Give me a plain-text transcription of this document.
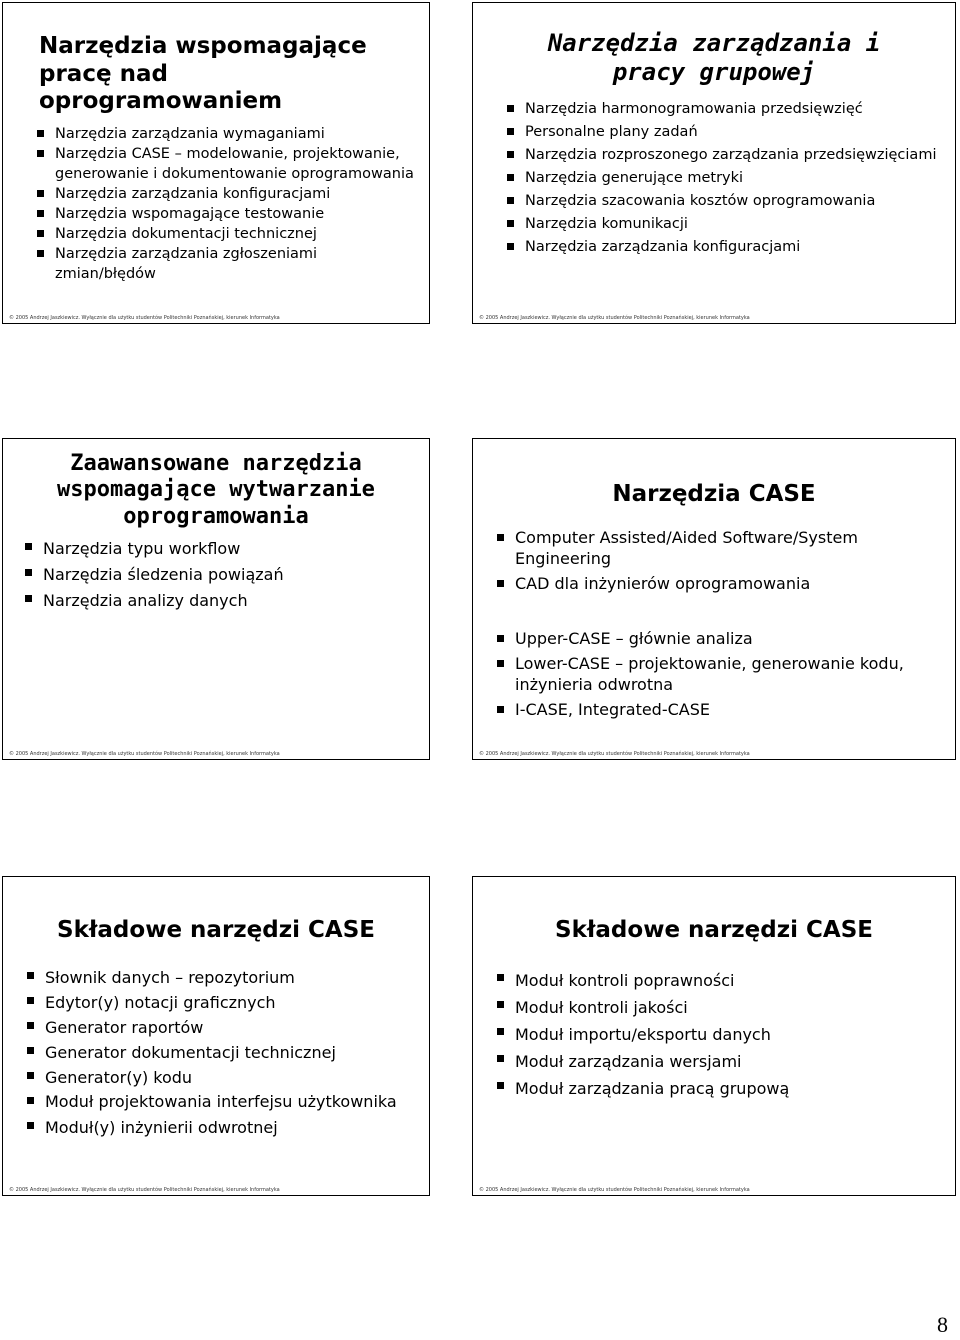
Narzędzia wspomagające
pracę nad oprogramowaniem
Narzędzia zarządzania wymaganiami
Narzędzia CASE – modelowanie, projektowanie, generowanie i dokumentowanie oprogramowania
Narzędzia zarządzania konfiguracjami
Narzędzia wspomagające testowanie
Narzędzia dokumentacji technicznej
Narzędzia zarządzania zgłoszeniami zmian/błędów
© 2005 Andrzej Jaszkiewicz. Wyłącznie dla użytku studentów Politechniki Poznańskiej, kierunek Informatyka
Narzędzia zarządzania i
pracy grupowej
Narzędzia harmonogramowania przedsięwzięć
Personalne plany zadań
Narzędzia rozproszonego zarządzania przedsięwzięciami
Narzędzia generujące metryki
Narzędzia szacowania kosztów oprogramowania
Narzędzia komunikacji
Narzędzia zarządzania konfiguracjami
© 2005 Andrzej Jaszkiewicz. Wyłącznie dla użytku studentów Politechniki Poznańskiej, kierunek Informatyka
Zaawansowane narzędzia
wspomagające wytwarzanie
oprogramowania
Narzędzia typu workflow
Narzędzia śledzenia powiązań
Narzędzia analizy danych
© 2005 Andrzej Jaszkiewicz. Wyłącznie dla użytku studentów Politechniki Poznańskiej, kierunek Informatyka
Narzędzia CASE
Computer Assisted/Aided Software/System Engineering
CAD dla inżynierów oprogramowania
Upper-CASE – głównie analiza
Lower-CASE – projektowanie, generowanie kodu, inżynieria odwrotna
I-CASE, Integrated-CASE
© 2005 Andrzej Jaszkiewicz. Wyłącznie dla użytku studentów Politechniki Poznańskiej, kierunek Informatyka
Składowe narzędzi CASE
Słownik danych – repozytorium
Edytor(y) notacji graficznych
Generator raportów
Generator dokumentacji technicznej
Generator(y) kodu
Moduł projektowania interfejsu użytkownika
Moduł(y) inżynierii odwrotnej
© 2005 Andrzej Jaszkiewicz. Wyłącznie dla użytku studentów Politechniki Poznańskiej, kierunek Informatyka
Składowe narzędzi CASE
Moduł kontroli poprawności
Moduł kontroli jakości
Moduł importu/eksportu danych
Moduł zarządzania wersjami
Moduł zarządzania pracą grupową
© 2005 Andrzej Jaszkiewicz. Wyłącznie dla użytku studentów Politechniki Poznańskiej, kierunek Informatyka
8
